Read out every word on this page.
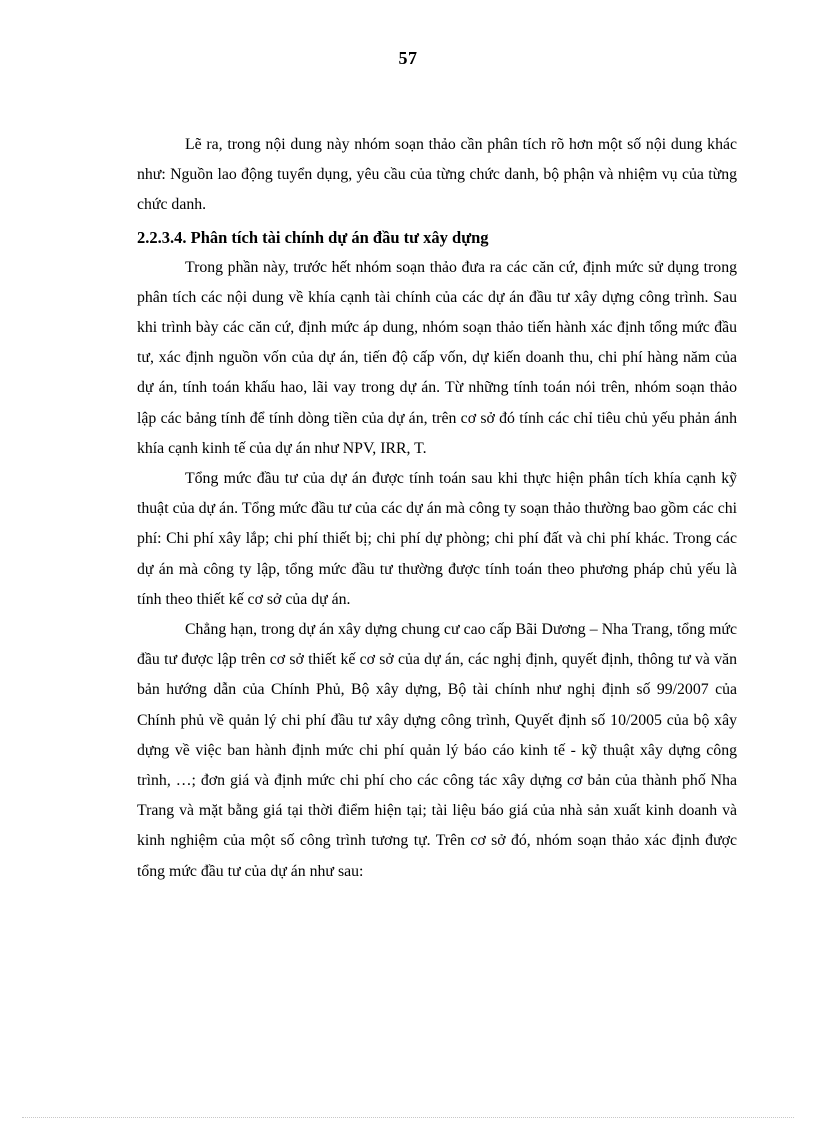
57

Lẽ ra, trong nội dung này nhóm soạn thảo cần phân tích rõ hơn một số nội dung khác như: Nguồn lao động tuyển dụng, yêu cầu của từng chức danh, bộ phận và nhiệm vụ của từng chức danh.

2.2.3.4. Phân tích tài chính dự án đầu tư xây dựng

Trong phần này, trước hết nhóm soạn thảo đưa ra các căn cứ, định mức sử dụng trong phân tích các nội dung về khía cạnh tài chính của các dự án đầu tư xây dựng công trình. Sau khi trình bày các căn cứ, định mức áp dung, nhóm soạn thảo tiến hành xác định tổng mức đầu tư, xác định nguồn vốn của dự án, tiến độ cấp vốn, dự kiến doanh thu, chi phí hàng năm của dự án, tính toán khấu hao, lãi vay trong dự án. Từ những tính toán nói trên, nhóm soạn thảo lập các bảng tính để tính dòng tiền của dự án, trên cơ sở đó tính các chỉ tiêu chủ yếu phản ánh khía cạnh kinh tế của dự án như NPV, IRR, T.

Tổng mức đầu tư của dự án được tính toán sau khi thực hiện phân tích khía cạnh kỹ thuật của dự án. Tổng mức đầu tư của các dự án mà công ty soạn thảo thường bao gồm các chi phí: Chi phí xây lắp; chi phí thiết bị; chi phí dự phòng; chi phí đất và chi phí khác. Trong các dự án mà công ty lập, tổng mức đầu tư thường được tính toán theo phương pháp chủ yếu là tính theo thiết kế cơ sở của dự án.

Chẳng hạn, trong dự án xây dựng chung cư cao cấp Bãi Dương – Nha Trang, tổng mức đầu tư được lập trên cơ sở thiết kế cơ sở của dự án, các nghị định, quyết định, thông tư và văn bản hướng dẫn của Chính Phủ, Bộ xây dựng, Bộ tài chính như nghị định số 99/2007 của Chính phủ về quản lý chi phí đầu tư xây dựng công trình, Quyết định số 10/2005 của bộ xây dựng về việc ban hành định mức chi phí quản lý báo cáo kinh tế - kỹ thuật xây dựng công trình, …; đơn giá và định mức chi phí cho các công tác xây dựng cơ bản của thành phố Nha Trang và mặt bằng giá tại thời điểm hiện tại; tài liệu báo giá của nhà sản xuất kinh doanh và kinh nghiệm của một số công trình tương tự. Trên cơ sở đó, nhóm soạn thảo xác định được tổng mức đầu tư của dự án như sau:
